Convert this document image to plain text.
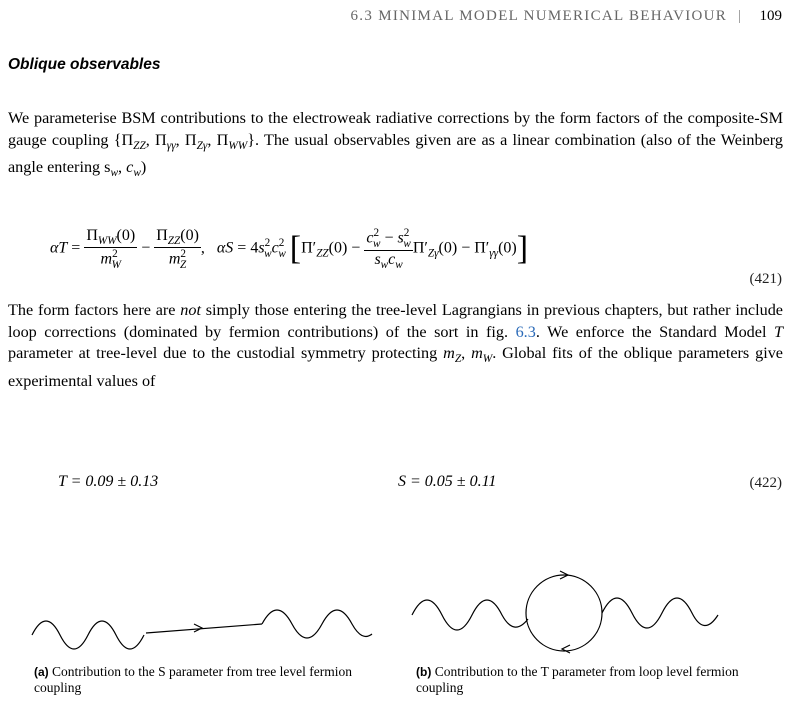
6.3 MINIMAL MODEL NUMERICAL BEHAVIOUR | 109
Oblique observables
We parameterise BSM contributions to the electroweak radiative corrections by the form factors of the composite-SM gauge coupling {$\Pi_{ZZ}$, $\Pi_{\gamma\gamma}$, $\Pi_{Z\gamma}$, $\Pi_{WW}$}. The usual observables given are as a linear combination (also of the Weinberg angle entering $s_w$, $c_w$)
$\alpha T = \frac{\Pi_{WW}(0)}{m^2_W} - \frac{\Pi_{ZZ}(0)}{m^2_Z}$ ,   $\alpha S = 4s^2_wc^2_w$ $[\Pi'_{ZZ}(0) - \frac{c^2_w - s^2_w}{s_wc_w} \Pi'_{Z\gamma}(0) - \Pi'_{\gamma\gamma}(0)]$
(421)
The form factors here are not simply those entering the tree-level Lagrangians in previous chapters, but rather include loop corrections (dominated by fermion contributions) of the sort in fig. 6.3. We enforce the Standard Model T parameter at tree-level due to the custodial symmetry protecting $m_Z$, $m_W$. Global fits of the oblique parameters give experimental values of
T = 0.09 ± 0.13	S = 0.05 ± 0.11	(422)
(a) Contribution to the S parameter from tree level fermion coupling
(b) Contribution to the T parameter from loop level fermion coupling
